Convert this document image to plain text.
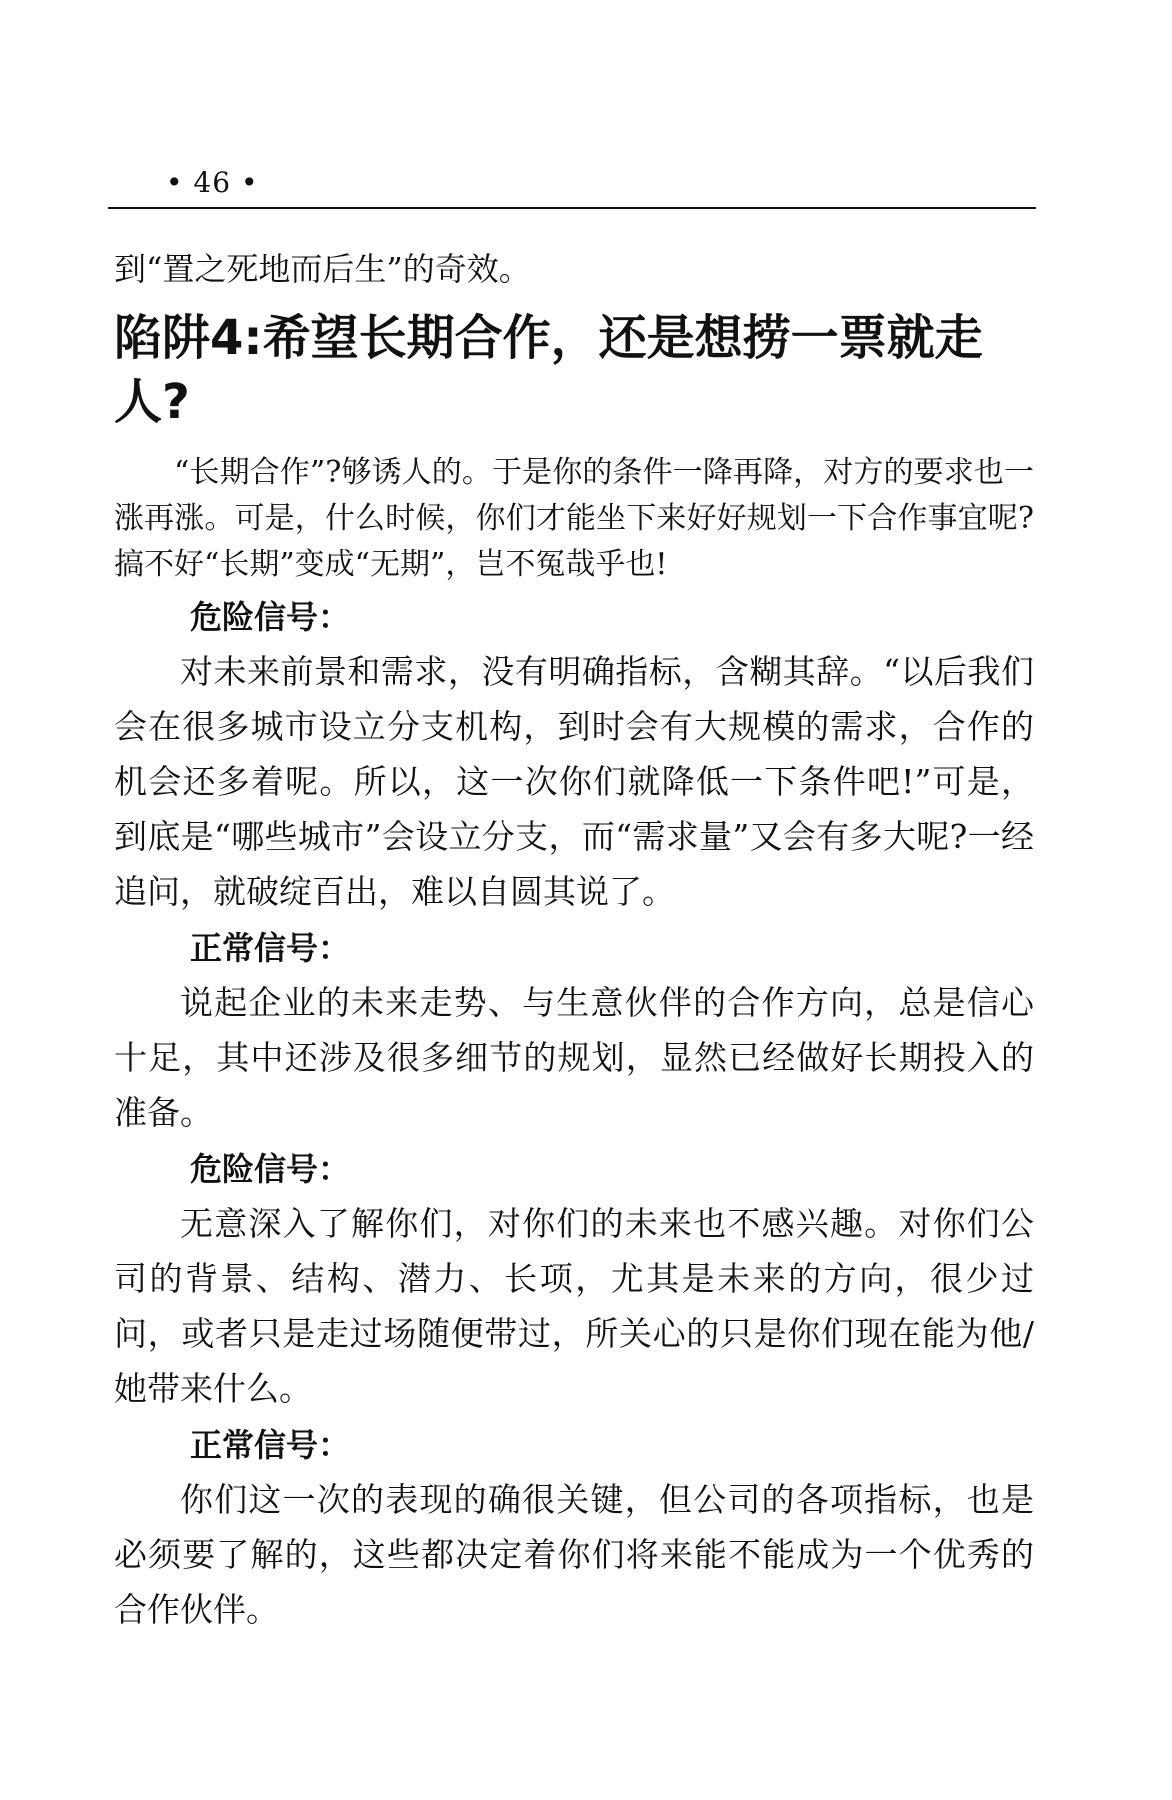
• 46 •

到“置之死地而后生”的奇效。

陷阱4:希望长期合作，还是想捞一票就走人?

“长期合作”?够诱人的。于是你的条件一降再降，对方的要求也一涨再涨。可是，什么时候，你们才能坐下来好好规划一下合作事宜呢?搞不好“长期”变成“无期”，岂不冤哉乎也!

危险信号：

对未来前景和需求，没有明确指标，含糊其辞。“以后我们会在很多城市设立分支机构，到时会有大规模的需求，合作的机会还多着呢。所以，这一次你们就降低一下条件吧!”可是，到底是“哪些城市”会设立分支，而“需求量”又会有多大呢?一经追问，就破绽百出，难以自圆其说了。

正常信号：

说起企业的未来走势、与生意伙伴的合作方向，总是信心十足，其中还涉及很多细节的规划，显然已经做好长期投入的准备。

危险信号：

无意深入了解你们，对你们的未来也不感兴趣。对你们公司的背景、结构、潜力、长项，尤其是未来的方向，很少过问，或者只是走过场随便带过，所关心的只是你们现在能为他/她带来什么。

正常信号：

你们这一次的表现的确很关键，但公司的各项指标，也是必须要了解的，这些都决定着你们将来能不能成为一个优秀的合作伙伴。
